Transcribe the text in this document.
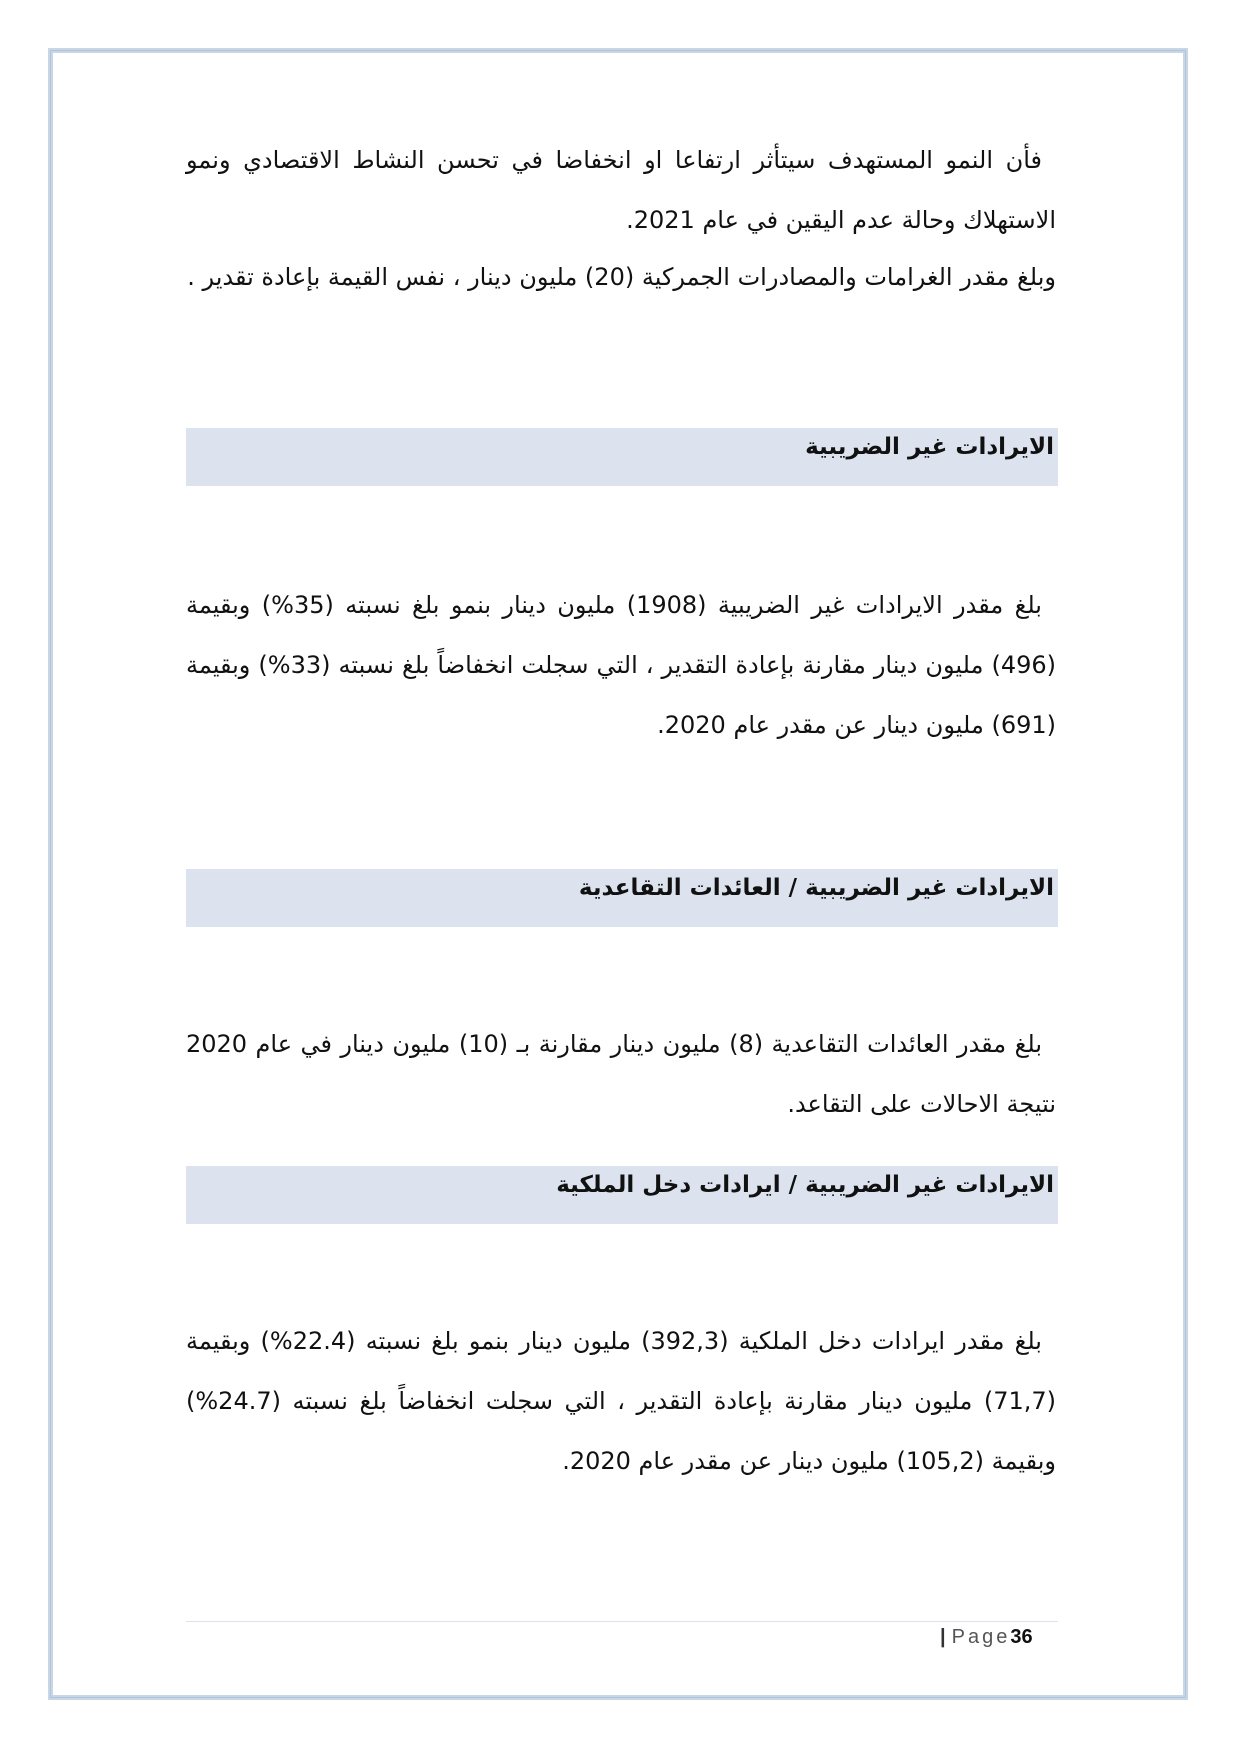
فأن النمو المستهدف سيتأثر ارتفاعا او انخفاضا في تحسن النشاط الاقتصادي ونمو الاستهلاك وحالة عدم اليقين في عام 2021.

وبلغ مقدر الغرامات والمصادرات الجمركية (20) مليون دينار ، نفس القيمة بإعادة تقدير .

الايرادات غير الضريبية

بلغ مقدر الايرادات غير الضريبية (1908) مليون دينار بنمو بلغ نسبته (35%) وبقيمة (496) مليون دينار مقارنة بإعادة التقدير ، التي سجلت انخفاضاً بلغ نسبته (33%) وبقيمة (691) مليون دينار عن مقدر عام 2020.

الايرادات غير الضريبية / العائدات التقاعدية

بلغ مقدر العائدات التقاعدية (8) مليون دينار مقارنة بـ (10) مليون دينار في عام 2020 نتيجة الاحالات على التقاعد.

الايرادات غير الضريبية / ايرادات دخل الملكية

بلغ مقدر ايرادات دخل الملكية (392,3) مليون دينار بنمو بلغ نسبته (22.4%) وبقيمة (71,7) مليون دينار مقارنة بإعادة التقدير ، التي سجلت انخفاضاً بلغ نسبته (24.7%) وبقيمة (105,2) مليون دينار عن مقدر عام 2020.

| Page36
